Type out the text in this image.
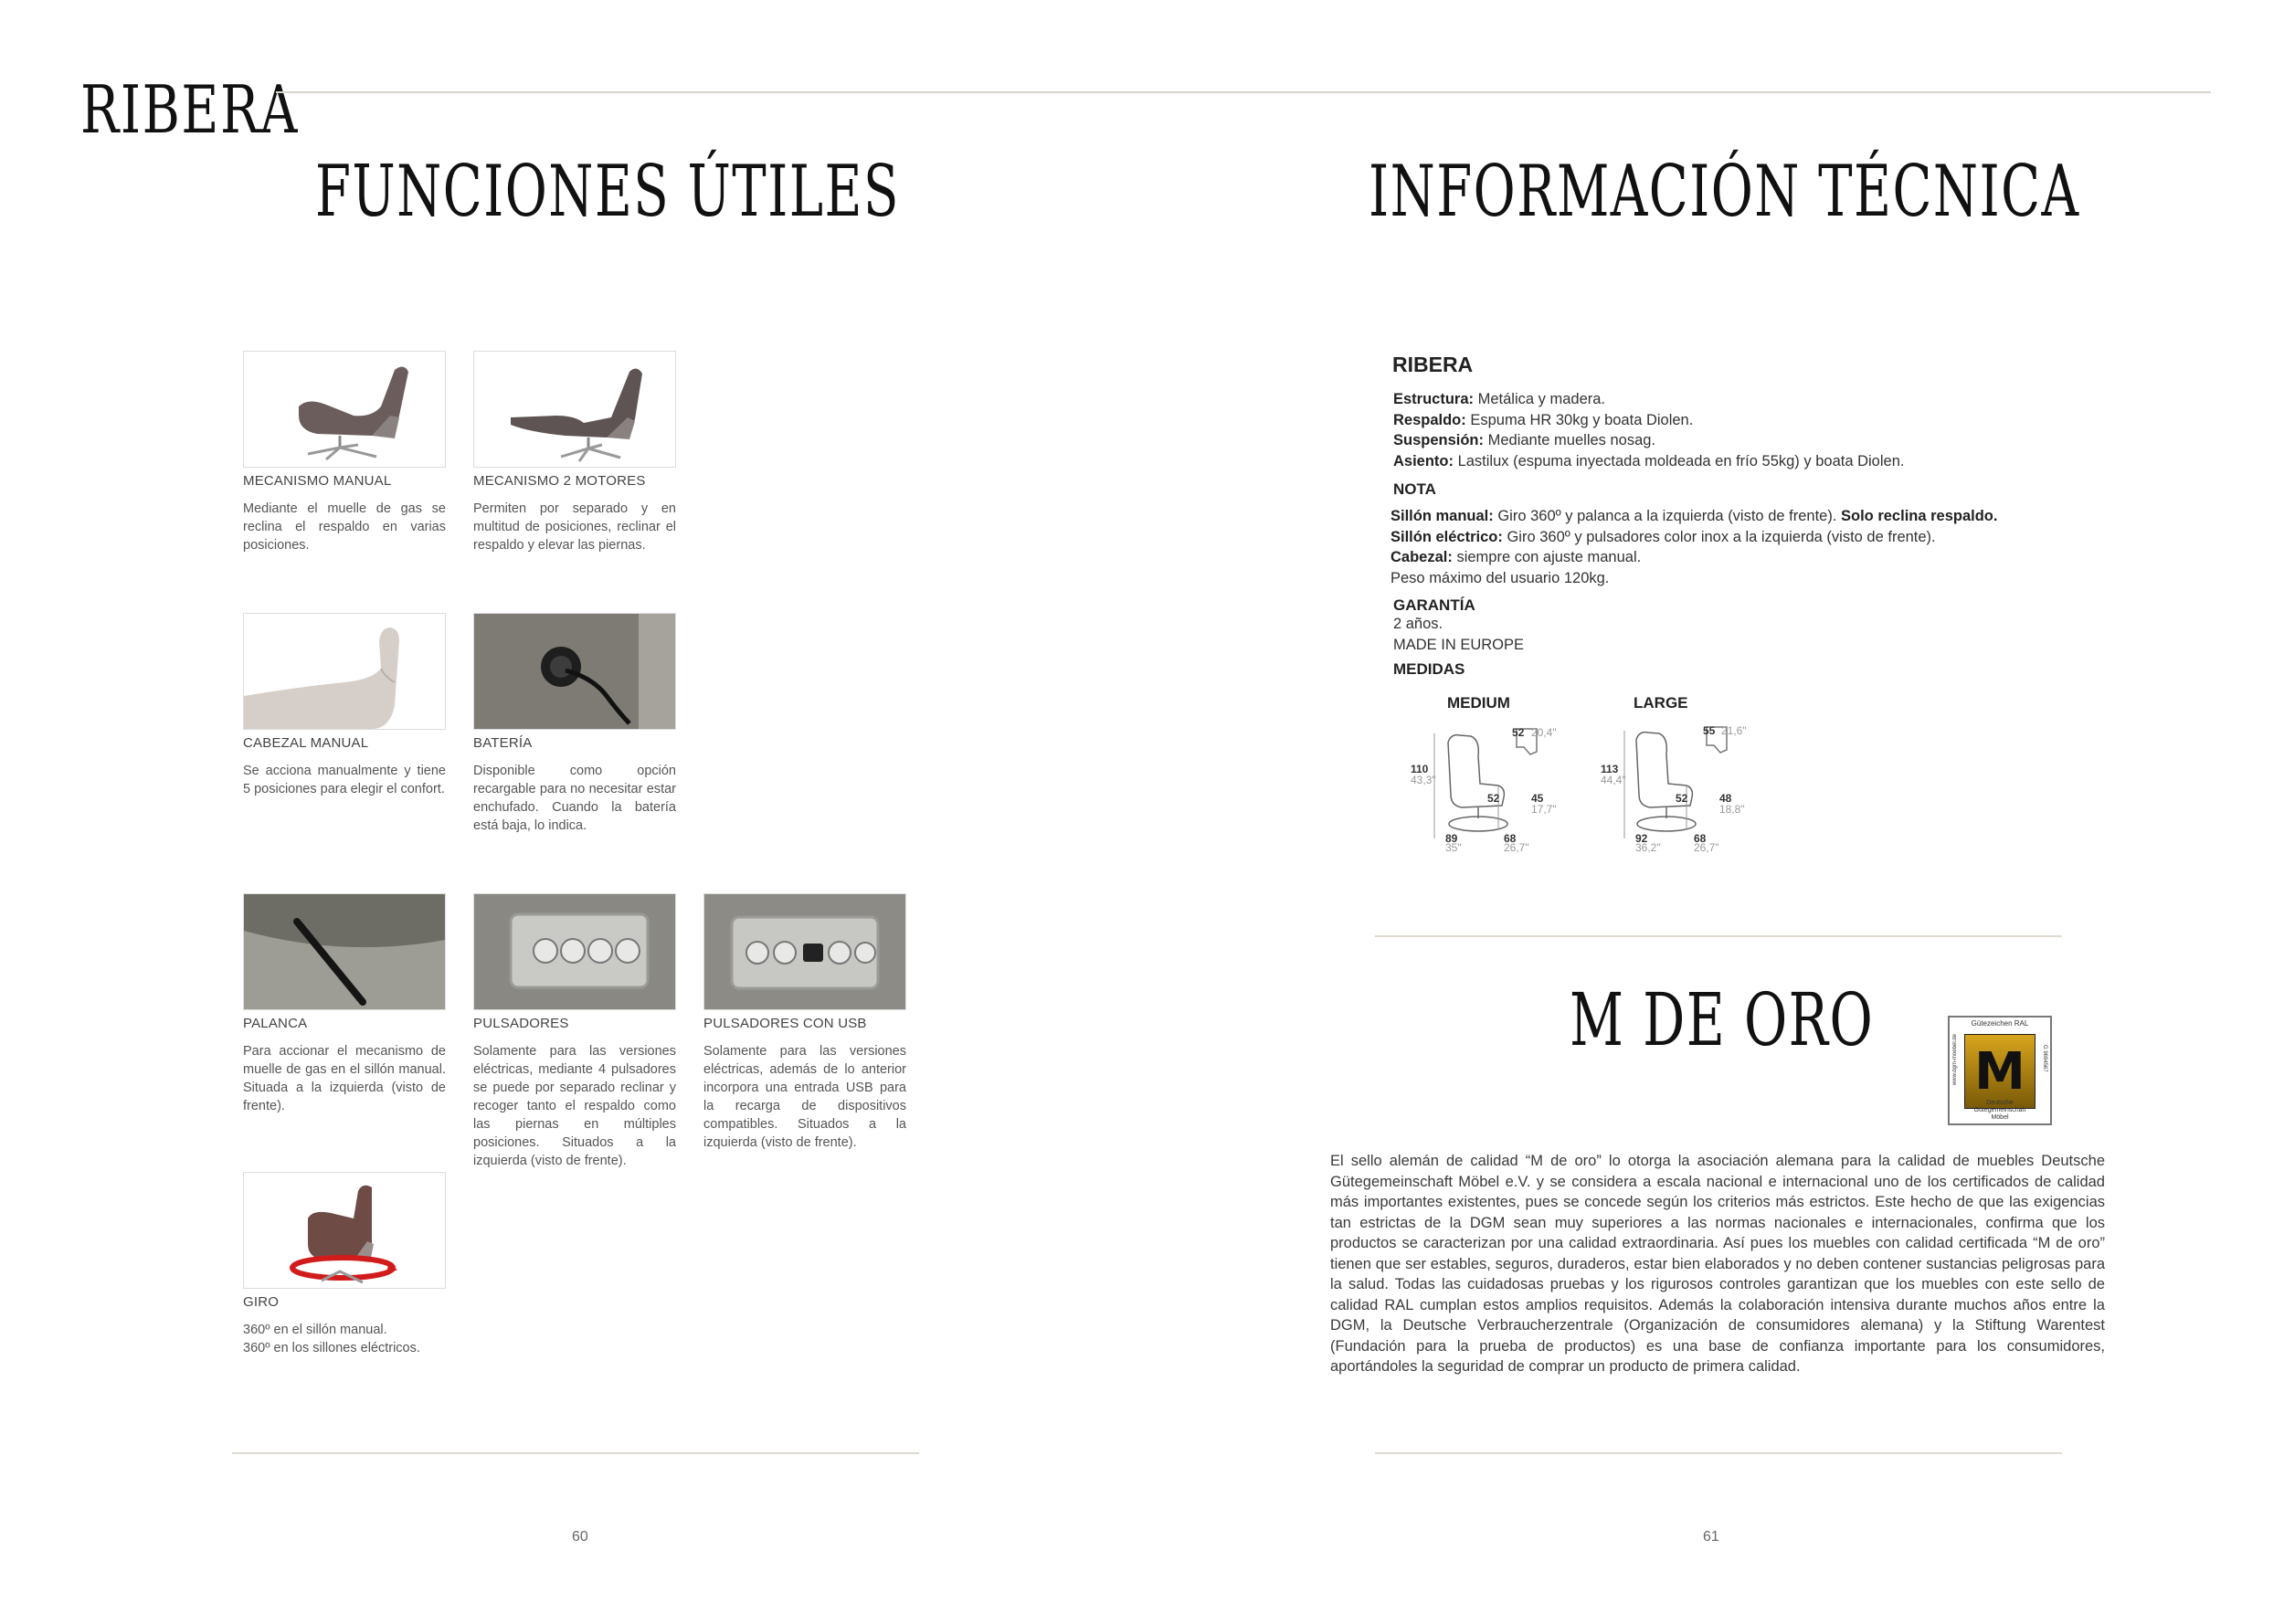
RIBERA
FUNCIONES ÚTILES
MECANISMO MANUAL
Mediante el muelle de gas se reclina el respaldo en varias posiciones.
MECANISMO 2 MOTORES
Permiten por separado y en multitud de posiciones, reclinar el respaldo y elevar las piernas.
CABEZAL MANUAL
Se acciona manualmente y tiene 5 posiciones para elegir el confort.
BATERÍA
Disponible como opción recargable para no necesitar estar enchufado. Cuando la batería está baja, lo indica.
PALANCA
Para accionar el mecanismo de muelle de gas en el sillón manual. Situada a la izquierda (visto de frente).
PULSADORES
Solamente para las versiones eléctricas, mediante 4 pulsadores se puede por separado reclinar y recoger tanto el respaldo como las piernas en múltiples posiciones. Situados a la izquierda (visto de frente).
PULSADORES CON USB
Solamente para las versiones eléctricas, además de lo anterior incorpora una entrada USB para la recarga de dispositivos compatibles. Situados a la izquierda (visto de frente).
GIRO
360º en el sillón manual.
360º en los sillones eléctricos.
60
INFORMACIÓN TÉCNICA
RIBERA
Estructura: Metálica y madera.
Respaldo: Espuma HR 30kg y boata Diolen.
Suspensión: Mediante muelles nosag.
Asiento: Lastilux (espuma inyectada moldeada en frío 55kg) y boata Diolen.
NOTA
Sillón manual: Giro 360º y palanca a la izquierda (visto de frente). Solo reclina respaldo.
Sillón eléctrico: Giro 360º y pulsadores color inox a la izquierda (visto de frente).
Cabezal: siempre con ajuste manual.
Peso máximo del usuario 120kg.
GARANTÍA
2 años.
MADE IN EUROPE
MEDIDAS
MEDIUM
52 20,4"
110
43,3"
52	45
17,7"
89
35"
68
26,7"
LARGE
55 21,6"
113
44,4"
52	48
18,8"
92
36,2"
68
26,7"
M DE ORO	Gütezeichen RAL
M
Deutsche Gütegemeinschaft Möbel
www.dgm-moebel.de	G 9694567
El sello alemán de calidad “M de oro” lo otorga la asociación alemana para la calidad de muebles Deutsche Gütegemeinschaft Möbel e.V. y se considera a escala nacional e internacional uno de los certificados de calidad más importantes existentes, pues se concede según los criterios más estrictos. Este hecho de que las exigencias tan estrictas de la DGM sean muy superiores a las normas nacionales e internacionales, confirma que los productos se caracterizan por una calidad extraordinaria. Así pues los muebles con calidad certificada “M de oro” tienen que ser estables, seguros, duraderos, estar bien elaborados y no deben contener sustancias peligrosas para la salud. Todas las cuidadosas pruebas y los rigurosos controles garantizan que los muebles con este sello de calidad RAL cumplan estos amplios requisitos. Además la colaboración intensiva durante muchos años entre la DGM, la Deutsche Verbraucherzentrale (Organización de consumidores alemana) y la Stiftung Warentest (Fundación para la prueba de productos) es una base de confianza importante para los consumidores, aportándoles la seguridad de comprar un producto de primera calidad.
61
